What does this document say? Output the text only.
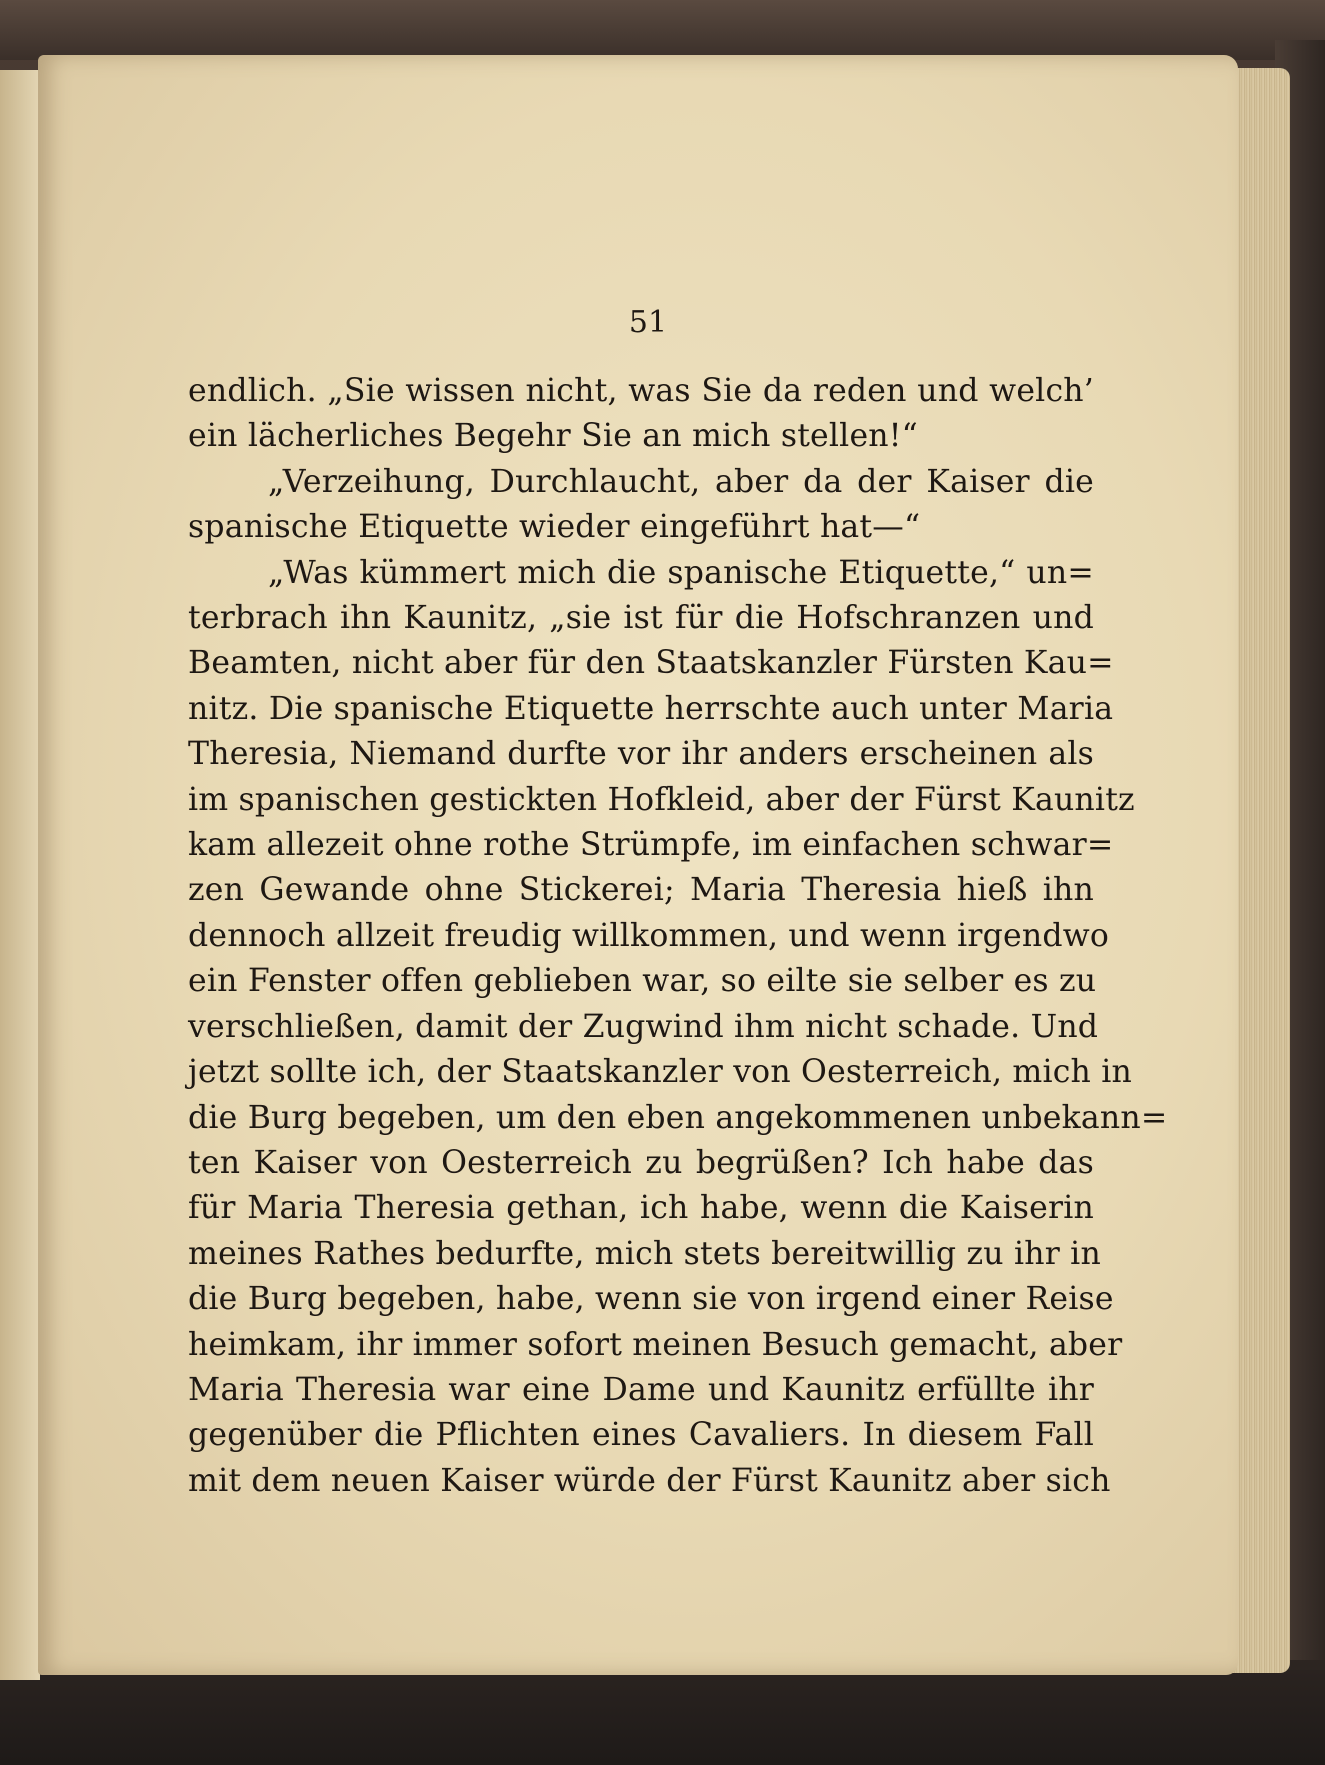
51
endlich. „Sie wissen nicht, was Sie da reden und welch’
ein lächerliches Begehr Sie an mich stellen!“
„Verzeihung, Durchlaucht, aber da der Kaiser die
spanische Etiquette wieder eingeführt hat—“
„Was kümmert mich die spanische Etiquette,“ un=
terbrach ihn Kaunitz, „sie ist für die Hofschranzen und
Beamten, nicht aber für den Staatskanzler Fürsten Kau=
nitz. Die spanische Etiquette herrschte auch unter Maria
Theresia, Niemand durfte vor ihr anders erscheinen als
im spanischen gestickten Hofkleid, aber der Fürst Kaunitz
kam allezeit ohne rothe Strümpfe, im einfachen schwar=
zen Gewande ohne Stickerei; Maria Theresia hieß ihn
dennoch allzeit freudig willkommen, und wenn irgendwo
ein Fenster offen geblieben war, so eilte sie selber es zu
verschließen, damit der Zugwind ihm nicht schade. Und
jetzt sollte ich, der Staatskanzler von Oesterreich, mich in
die Burg begeben, um den eben angekommenen unbekann=
ten Kaiser von Oesterreich zu begrüßen? Ich habe das
für Maria Theresia gethan, ich habe, wenn die Kaiserin
meines Rathes bedurfte, mich stets bereitwillig zu ihr in
die Burg begeben, habe, wenn sie von irgend einer Reise
heimkam, ihr immer sofort meinen Besuch gemacht, aber
Maria Theresia war eine Dame und Kaunitz erfüllte ihr
gegenüber die Pflichten eines Cavaliers. In diesem Fall
mit dem neuen Kaiser würde der Fürst Kaunitz aber sich
